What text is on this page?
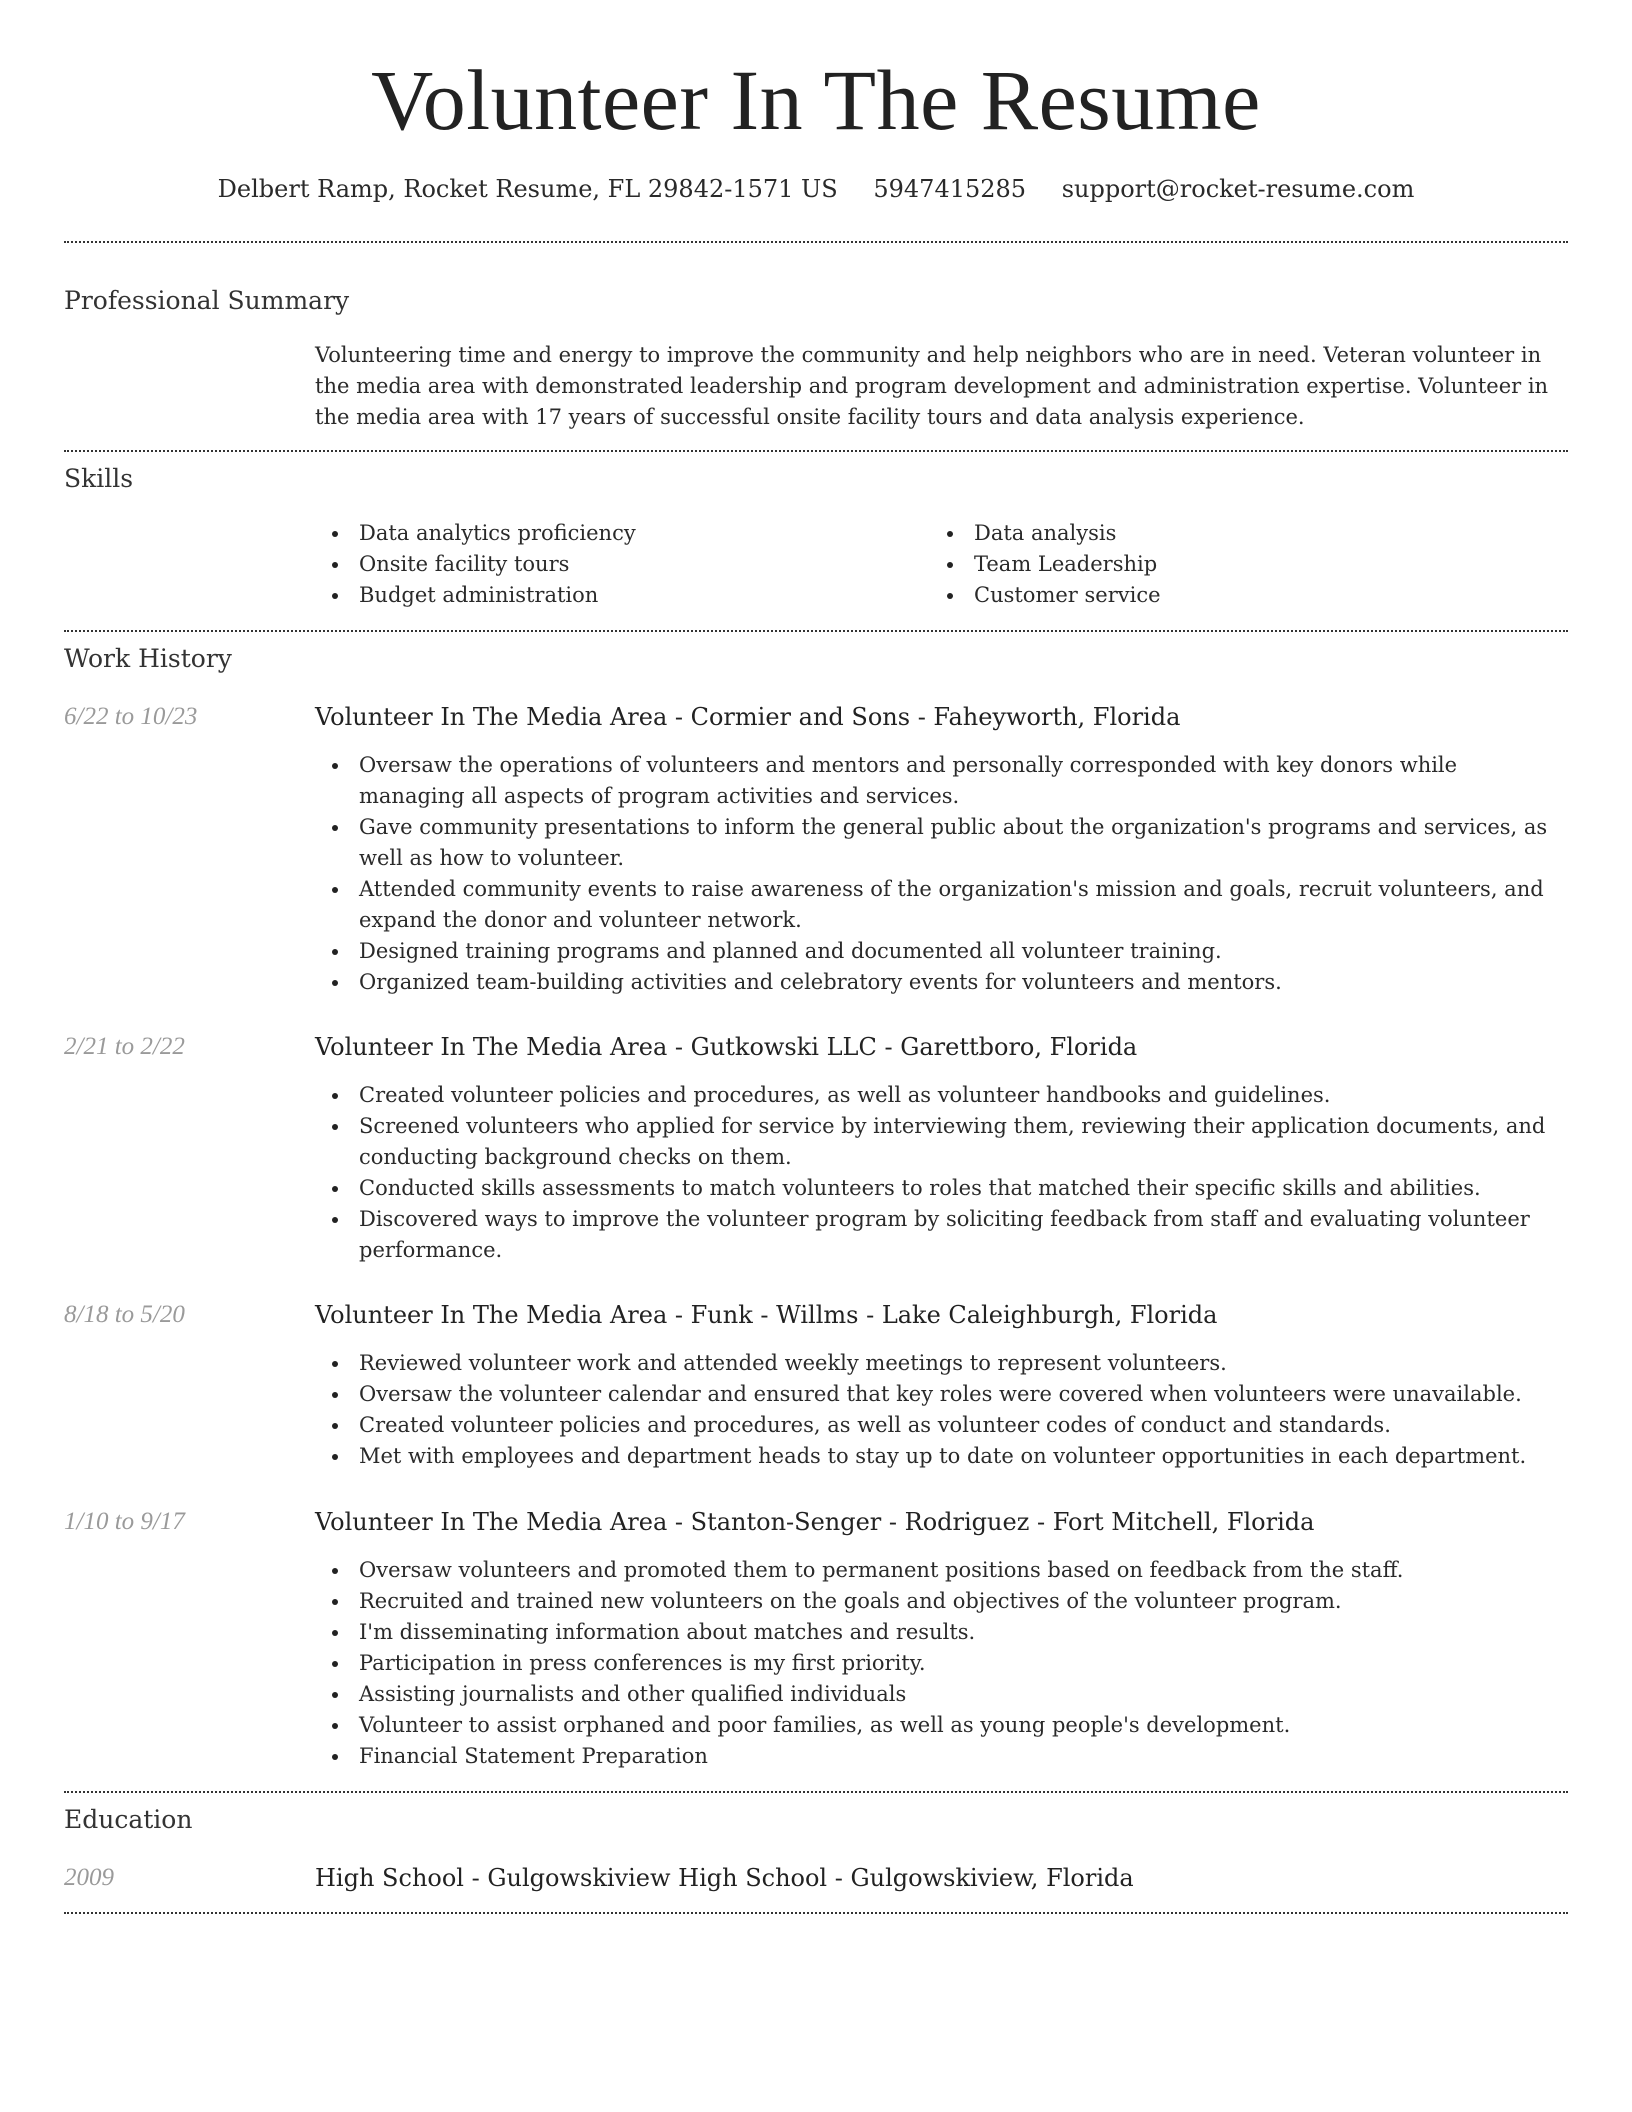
Volunteer In The Resume
Delbert Ramp, Rocket Resume, FL 29842-1571 US 5947415285 support@rocket-resume.com
Professional Summary
Volunteering time and energy to improve the community and help neighbors who are in need. Veteran volunteer in the media area with demonstrated leadership and program development and administration expertise. Volunteer in the media area with 17 years of successful onsite facility tours and data analysis experience.
Skills
Data analytics proficiency
Onsite facility tours
Budget administration
Data analysis
Team Leadership
Customer service
Work History
6/22 to 10/23	Volunteer In The Media Area - Cormier and Sons - Faheyworth, Florida
Oversaw the operations of volunteers and mentors and personally corresponded with key donors while managing all aspects of program activities and services.
Gave community presentations to inform the general public about the organization's programs and services, as well as how to volunteer.
Attended community events to raise awareness of the organization's mission and goals, recruit volunteers, and expand the donor and volunteer network.
Designed training programs and planned and documented all volunteer training.
Organized team-building activities and celebratory events for volunteers and mentors.
2/21 to 2/22	Volunteer In The Media Area - Gutkowski LLC - Garettboro, Florida
Created volunteer policies and procedures, as well as volunteer handbooks and guidelines.
Screened volunteers who applied for service by interviewing them, reviewing their application documents, and conducting background checks on them.
Conducted skills assessments to match volunteers to roles that matched their specific skills and abilities.
Discovered ways to improve the volunteer program by soliciting feedback from staff and evaluating volunteer performance.
8/18 to 5/20	Volunteer In The Media Area - Funk - Willms - Lake Caleighburgh, Florida
Reviewed volunteer work and attended weekly meetings to represent volunteers.
Oversaw the volunteer calendar and ensured that key roles were covered when volunteers were unavailable.
Created volunteer policies and procedures, as well as volunteer codes of conduct and standards.
Met with employees and department heads to stay up to date on volunteer opportunities in each department.
1/10 to 9/17	Volunteer In The Media Area - Stanton-Senger - Rodriguez - Fort Mitchell, Florida
Oversaw volunteers and promoted them to permanent positions based on feedback from the staff.
Recruited and trained new volunteers on the goals and objectives of the volunteer program.
I'm disseminating information about matches and results.
Participation in press conferences is my first priority.
Assisting journalists and other qualified individuals
Volunteer to assist orphaned and poor families, as well as young people's development.
Financial Statement Preparation
Education
2009	High School - Gulgowskiview High School - Gulgowskiview, Florida
